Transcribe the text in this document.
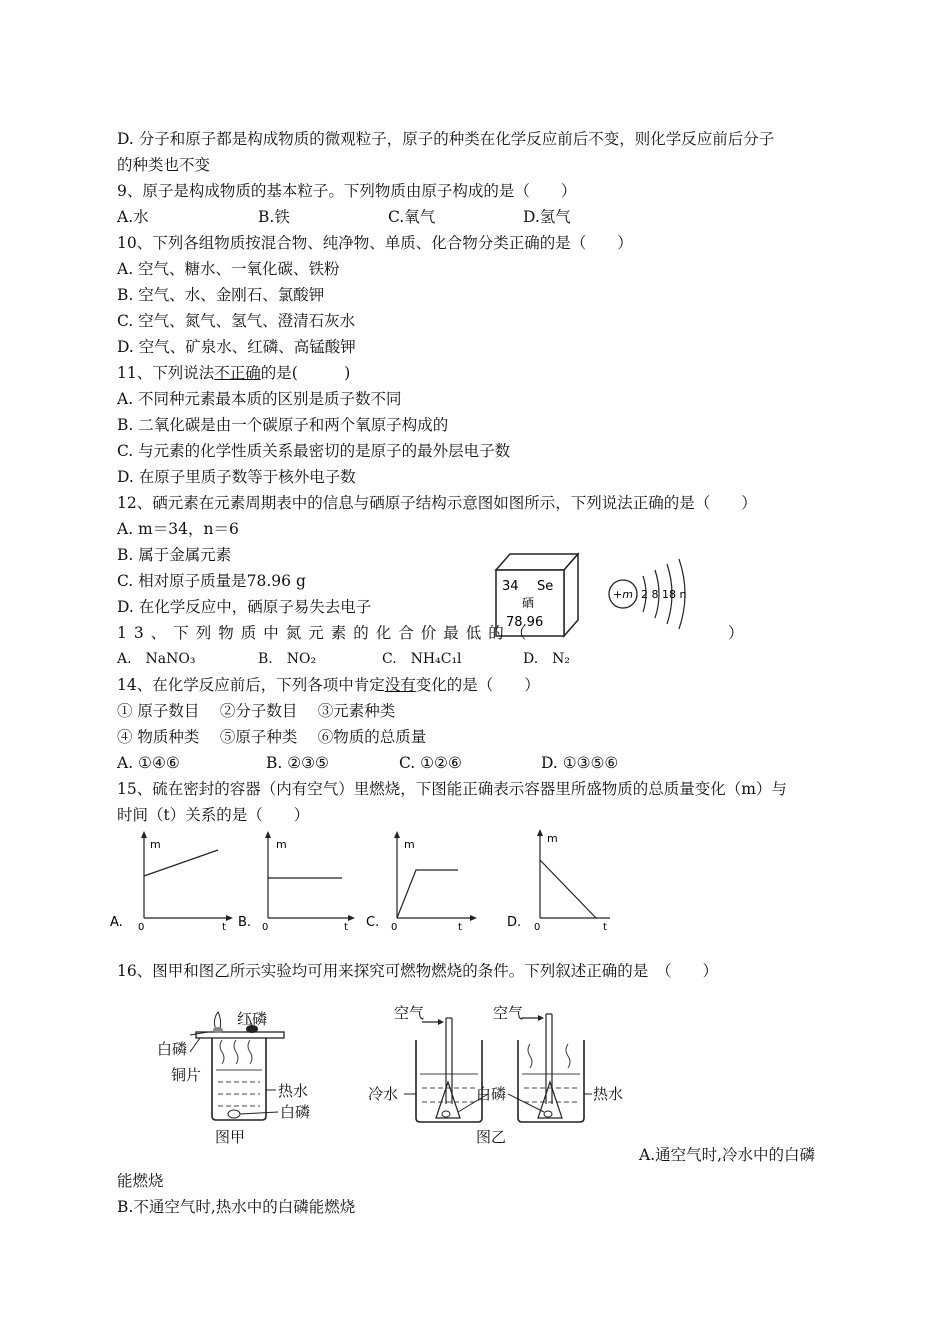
D. 分子和原子都是构成物质的微观粒子，原子的种类在化学反应前后不变，则化学反应前后分子
的种类也不变
9、原子是构成物质的基本粒子。下列物质由原子构成的是（　　）
A.水	B.铁	C.氧气	D.氢气
10、下列各组物质按混合物、纯净物、单质、化合物分类正确的是（　　）
A. 空气、糖水、一氧化碳、铁粉
B. 空气、水、金刚石、氯酸钾
C. 空气、氮气、氢气、澄清石灰水
D. 空气、矿泉水、红磷、高锰酸钾
11、下列说法不正确的是(　　　)
A. 不同种元素最本质的区别是质子数不同
B. 二氧化碳是由一个碳原子和两个氧原子构成的
C. 与元素的化学性质关系最密切的是原子的最外层电子数
D. 在原子里质子数等于核外电子数
12、硒元素在元素周期表中的信息与硒原子结构示意图如图所示，下列说法正确的是（　　）
A. m＝34，n＝6
B. 属于金属元素
C. 相对原子质量是78.96 g
D. 在化学反应中，硒原子易失去电子
34 Se
硒
78.96
+m 2 8 18 n
13、下列物质中氮元素的化合价最低的（	）
A.　NaNO₃	B.　NO₂	C.　NH₄C₁l	D.　N₂
14、在化学反应前后，下列各项中肯定没有变化的是（　　）
① 原子数目　 ②分子数目　 ③元素种类
④ 物质种类　 ⑤原子种类　 ⑥物质的总质量
A. ①④⑥	B. ②③⑤	C. ①②⑥	D. ①③⑤⑥
15、硫在密封的容器（内有空气）里燃烧，下图能正确表示容器里所盛物质的总质量变化（m）与
时间（t）关系的是（　　）
A.
m
0	t B.
m
0	t C.
m
0	t	D.
m
0	t
16、图甲和图乙所示实验均可用来探究可燃物燃烧的条件。下列叙述正确的是　（　　）
红磷
白磷
铜片
热水
白磷
图甲
空气	空气
冷水	白磷	热水
图乙
A.通空气时,冷水中的白磷
能燃烧
B.不通空气时,热水中的白磷能燃烧
